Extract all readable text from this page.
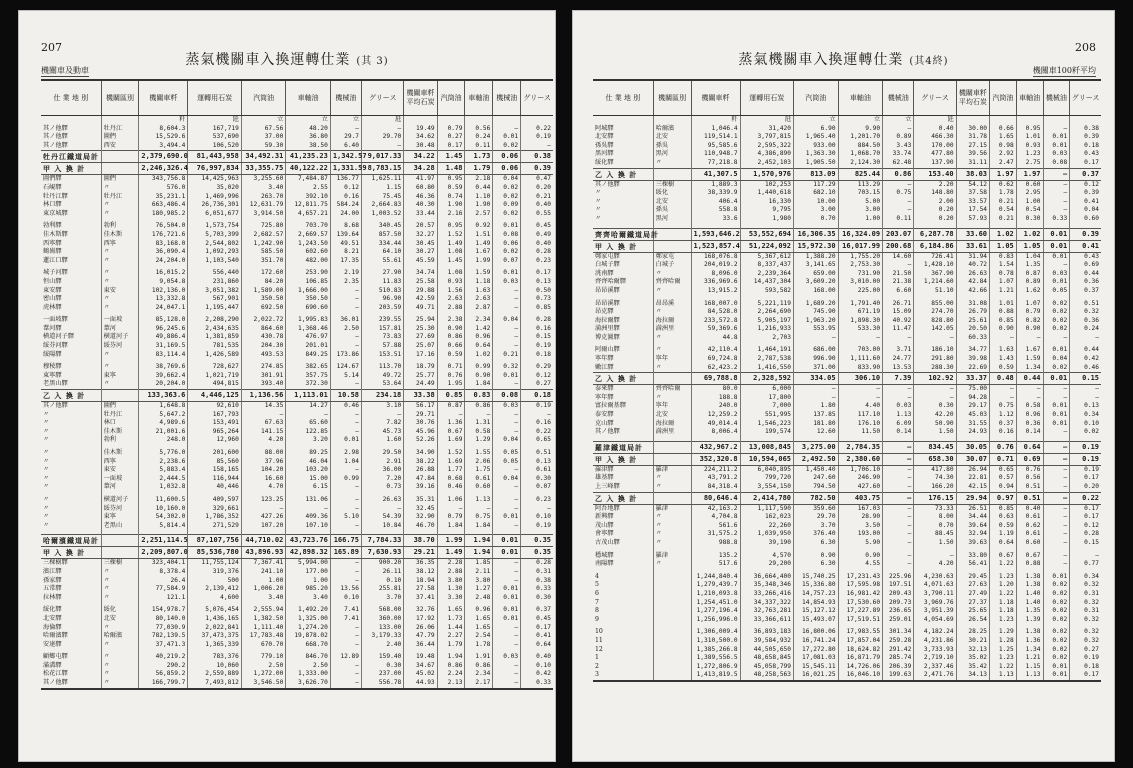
207
蒸氣機關車入換運轉仕業 (其 3)
機關車及動車
仕 業 地 別	機關區別	機關車粁	運轉用石炭	汽筒油	車軸油	機械油	グリース	機關車粁平均石炭	汽筒油	車軸油	機械油	グリース
		粁	瓩	立	立	立	瓩					
其ノ他驛	牡丹江	8,604.3	167,719	67.56	48.20	—	—	19.49	0.79	0.56	—	0.22
其ノ他驛	圖們	15,529.6	537,690	37.00	36.80	29.7	29.70	34.62	0.27	0.24	0.01	0.19
其ノ他驛	西安	3,494.4	106,520	59.30	38.50	6.40	—	30.48	0.17	0.11	0.02	—
牡丹江鐵道局計		2,379,690.0	81,443,958	34,492.31	41,235.23	1,342.57	9,017.33	34.22	1.45	1.73	0.06	0.38
甲 入 換 計		2,246,326.4	76,997,834	33,355.75	40,122.22	1,331.59	8,783.15	34.28	1.48	1.79	0.06	0.39
圖們驛	圖們	343,756.8	14,425,963	3,255.60	7,484.87	136.77	1,625.11	41.97	0.95	2.18	0.04	0.47
石峴驛	〃	576.0	35,020	3.40	2.55	0.12	1.15	60.80	0.59	0.44	0.02	0.20
牡丹江驛	牡丹江	35,231.1	1,469,996	263.70	392.10	0.16	75.45	46.36	0.74	1.10	0.02	0.21
林口驛	〃	663,486.4	26,736,301	12,631.79	12,811.75	584.24	2,664.83	40.30	1.90	1.90	0.09	0.40
東京城驛	〃	180,985.2	6,051,677	3,914.50	4,657.21	24.00	1,003.52	33.44	2.16	2.57	0.02	0.55

勃利驛	勃利	76,504.0	1,573,754	725.80	703.70	8.68	340.45	20.57	0.95	0.92	0.01	0.45
佳木斯驛	佳木斯	176,721.6	5,703,399	2,682.57	2,669.57	139.64	857.50	32.27	1.52	1.51	0.08	0.49
西寧驛	西寧	83,168.0	2,544,802	1,242.90	1,243.50	49.51	334.44	30.45	1.49	1.49	0.06	0.40
鶴崗驛	〃	36,090.4	1,092,293	585.50	602.60	8.21	64.10	30.27	1.08	1.67	0.02	0.28
蓮江口驛	〃	24,204.0	1,103,540	351.70	482.00	17.35	55.61	45.59	1.45	1.99	0.07	0.23

城子河驛	〃	16,015.2	556,440	172.60	253.90	2.19	27.90	34.74	1.08	1.59	0.01	0.17
恒山驛	〃	9,054.8	231,860	84.20	106.85	2.35	11.83	25.58	0.93	1.18	0.03	0.13
東安驛	東安	102,136.0	3,051,382	1,589.00	1,666.00	—	510.83	29.88	1.56	1.63	—	0.50
密山驛	〃	13,332.8	567,901	350.50	350.50	—	96.90	42.59	2.63	2.63	—	0.73
虎林驛	〃	24,047.1	1,195,447	692.50	690.60	—	203.59	49.71	2.88	2.87	—	0.85

一面坡驛	一面坡	85,128.0	2,208,290	2,022.72	1,995.83	36.01	239.55	25.94	2.38	2.34	0.04	0.28
葦河驛	葦河	96,245.6	2,434,635	864.60	1,368.46	2.50	157.81	25.30	0.90	1.42	—	0.16
横道河子驛	横道河子	49,886.4	1,381,859	430.78	476.97	—	73.83	27.69	0.86	0.96	—	0.15
綏芬河驛	綏芬河	31,169.5	781,535	204.30	201.01	—	57.88	25.07	0.66	0.64	—	0.19
綏陽驛	〃	83,114.4	1,426,589	493.53	849.25	173.86	153.51	17.16	0.59	1.02	0.21	0.18

穆稜驛	〃	38,769.6	728,627	274.85	382.65	124.67	113.70	18.79	0.71	0.99	0.32	0.29
東寧驛	東寧	39,662.4	1,021,719	301.91	357.75	5.14	49.72	25.77	0.76	0.90	0.01	0.12
老黑山驛	〃	20,204.0	494,815	393.40	372.30	—	53.64	24.49	1.95	1.84	—	0.27
乙 入 換 計		133,363.6	4,446,125	1,136.56	1,113.01	10.58	234.18	33.38	0.85	0.83	0.08	0.18
其ノ他驛	圖們	1,648.8	92,610	14.35	14.27	0.46	3.10	56.17	0.87	0.86	0.03	0.19
〃	牡丹江	5,647.2	167,793	—	—	—	—	29.71	—	—	—	—
〃	林口	4,989.6	153,491	67.63	65.60	—	7.82	30.76	1.36	1.31	—	0.16
〃	佳木斯	21,001.6	965,264	141.15	122.85	—	45.73	45.96	0.67	0.58	—	0.22
〃	勃利	248.0	12,960	4.20	3.20	0.01	1.60	52.26	1.69	1.29	0.04	0.65

〃	佳木斯	5,776.0	201,600	88.00	89.25	2.98	29.50	34.90	1.52	1.55	0.05	0.51
〃	西寧	2,238.6	85,560	37.96	46.04	1.04	2.91	38.22	1.69	2.06	0.05	0.13
〃	東安	5,883.4	158,165	104.20	103.20	—	36.00	26.88	1.77	1.75	—	0.61
〃	一面坡	2,444.5	116,944	16.60	15.00	0.99	7.20	47.84	0.68	0.61	0.04	0.30
〃	葦河	1,032.8	40,446	4.70	6.15	—	0.73	39.16	0.46	0.60	—	0.07

〃	横道河子	11,600.5	409,597	123.25	131.06	—	26.63	35.31	1.06	1.13	—	0.23
〃	綏芬河	10,160.0	329,661	—	—	—	—	32.45	—	—	—	—
〃	東寧	54,302.0	1,786,352	427.26	409.36	5.10	54.39	32.90	0.79	0.75	0.01	0.10
〃	老黑山	5,814.4	271,529	107.20	107.10	—	10.84	46.70	1.84	1.84	—	0.19

哈爾濱鐵道局計		2,251,114.5	87,107,756	44,710.02	43,723.76	166.75	7,784.33	38.70	1.99	1.94	0.01	0.35
甲 入 換 計		2,209,807.0	85,536,780	43,896.93	42,898.32	165.89	7,630.93	29.21	1.49	1.94	0.01	0.35
三棵樹驛	三棵樹	323,404.1	11,755,124	7,367.41	5,994.00	—	900.20	36.35	2.28	1.85	—	0.28
濱江驛	〃	8,378.4	319,376	241.10	177.00	—	26.11	38.12	2.88	2.11	—	0.31
孫家驛	〃	26.4	500	1.00	1.00	—	0.10	18.94	3.80	3.80	—	0.38
五常驛	〃	77,584.9	2,139,412	1,006.20	985.20	13.56	255.81	27.58	1.30	1.27	0.01	0.33
拉林驛	〃	121.1	4,600	3.40	3.40	0.10	3.70	37.41	3.30	2.48	0.01	0.30

綏化驛	綏化	154,978.7	5,076,454	2,555.94	1,492.20	7.41	568.00	32.76	1.65	0.96	0.01	0.37
北安驛	北安	80,140.0	1,436,165	1,382.50	1,325.00	7.41	360.00	17.92	1.73	1.65	0.01	0.45
海倫驛	〃	77,030.9	2,022,841	1,111.40	1,274.20	—	133.00	26.06	1.44	1.65	—	0.17
哈爾濱驛	哈爾濱	782,139.5	37,473,375	17,783.48	19,878.02	—	3,179.33	47.79	2.27	2.54	—	0.41
安達驛	〃	37,471.3	1,365,339	670.70	668.70	—	2.40	36.44	1.79	1.78	—	0.64

顧鄉屯驛	〃	40,219.2	783,376	779.10	846.70	12.89	159.40	19.48	1.94	1.91	0.03	0.40
滿溝驛	〃	290.2	10,060	2.50	2.50	—	0.30	34.67	0.86	0.86	—	0.10
松花江驛	〃	56,859.2	2,559,889	1,272.00	1,333.00	—	237.00	45.02	2.24	2.34	—	0.42
其ノ他驛	〃	166,799.7	7,493,812	3,546.50	3,626.70	—	556.78	44.93	2.13	2.17	—	0.33
208
蒸氣機關車入換運轉仕業 (其4終)
機關車100粁平均
仕 業 地 別	機關區別	機關車粁	運轉用石炭	汽筒油	車軸油	機械油	グリース	機關車粁平均石炭	汽筒油	車軸油	機械油	グリース
		粁	瓩	立	立	立	瓩					
阿城驛	哈爾濱	1,046.4	31,420	6.90	9.90	—	0.40	30.00	0.66	0.95	—	0.38
北安驛	北安	119,514.1	3,797,815	1,965.40	1,201.70	0.89	466.30	31.78	1.65	1.01	0.01	0.39
孫吳驛	孫吳	95,585.6	2,595,322	933.00	884.50	3.43	170.00	27.15	0.98	0.93	0.01	0.18
黑河驛	黑河	110,948.7	4,386,890	1,363.30	1,068.70	33.74	477.80	39.56	2.92	1.23	0.03	0.43
綏化驛	〃	77,218.8	2,452,103	1,905.50	2,124.30	62.48	137.90	31.11	2.47	2.75	0.08	0.17
乙 入 換 計		41,307.5	1,570,976	813.09	825.44	0.86	153.40	38.03	1.97	1.97	—	0.37
其ノ他驛	三棵樹	1,889.3	102,253	117.29	113.29	—	2.20	54.12	0.62	0.60	—	0.12
〃	綏化	38,339.9	1,440,618	682.10	703.15	0.75	148.80	37.58	1.78	2.95	—	0.39
〃	北安	406.4	16,330	10.00	5.00	—	2.00	33.57	0.21	1.00	—	0.41
〃	孫吳	558.8	9,795	3.00	3.00	—	0.20	17.54	0.54	0.54	—	0.04
〃	黑河	33.6	1,980	0.70	1.00	0.11	0.20	57.93	0.21	0.30	0.33	0.60

齊齊哈爾鐵道局計		1,593,646.2	53,552,694	16,306.35	16,324.09	203.07	6,287.78	33.60	1.02	1.02	0.01	0.39
甲 入 換 計		1,523,857.4	51,224,092	15,972.30	16,017.99	200.68	6,184.86	33.61	1.05	1.05	0.01	0.41
鄭家屯驛	鄭家屯	168,076.8	5,367,612	1,388.20	1,755.20	14.60	726.41	31.94	0.83	1.04	0.01	0.43
白城子驛	白城子	204,019.2	8,337,437	3,141.65	2,753.30	—	1,428.10	40.72	1.54	1.35	—	0.69
洮南驛	〃	8,096.0	2,239,364	659.00	731.90	21.50	367.90	26.63	0.78	0.87	0.03	0.44
齊齊哈爾驛	齊齊哈爾	336,969.6	14,437,304	3,609.20	3,010.00	21.38	1,214.60	42.84	1.07	0.89	0.01	0.36
昂昂溪驛	〃	13,915.2	593,582	168.00	225.00	6.60	51.10	42.66	1.21	1.62	0.05	0.37

昂昂溪驛	昂昂溪	168,007.0	5,221,119	1,689.20	1,791.40	26.71	855.00	31.08	1.01	1.07	0.02	0.51
昂克驛	〃	84,528.0	2,264,690	745.90	671.19	15.09	274.70	26.79	0.88	0.79	0.02	0.32
海拉爾驛	海拉爾	233,572.8	5,905,197	1,963.20	1,898.30	40.92	828.80	25.61	0.85	0.82	0.02	0.36
満洲里驛	満洲里	59,369.6	1,216,933	553.95	533.30	11.47	142.05	20.50	0.90	0.90	0.02	0.24
博克圖驛	〃	44.8	2,703	—	—	—	—	60.33	—	—	—	—

阿爾山驛	〃	42,110.4	1,464,191	686.00	703.00	3.71	186.10	34.77	1.63	1.67	0.01	0.44
寧年驛	寧年	69,724.8	2,787,538	996.90	1,111.60	24.77	291.80	39.98	1.43	1.59	0.04	0.42
嫩江驛	〃	62,423.2	1,416,550	371.00	833.90	13.53	288.30	22.69	0.59	1.34	0.02	0.46
乙 入 換 計		69,788.8	2,328,592	334.05	306.10	7.39	102.92	33.37	0.48	0.44	0.01	0.15
泰來驛	齊齊哈爾	80.0	6,000	—	—	—	—	75.00	—	—	—	—
寧年驛	〃	188.8	17,800	—	—	—	—	94.28	—	—	—	—
富拉爾基驛	寧年	240.0	7,000	1.80	4.40	0.03	0.30	29.17	0.75	0.58	0.01	0.13
泰安驛	北安	12,259.2	551,995	137.85	117.10	1.13	42.20	45.03	1.12	0.96	0.01	0.34
克山驛	海拉爾	49,014.4	1,546,223	181.80	176.10	6.09	50.90	31.55	0.37	0.36	0.01	0.10
其ノ他驛	満洲里	8,006.4	199,574	12.60	11.50	0.14	1.50	24.93	0.16	0.14	—	0.02

羅津鐵道局計		432,967.2	13,008,845	3,275.00	2,784.35	—	834.45	30.05	0.76	0.64	—	0.19
甲 入 換 計		352,320.8	10,594,065	2,492.50	2,380.60	—	658.30	30.07	0.71	0.69	—	0.19
羅津驛	羅津	224,211.2	6,040,895	1,450.40	1,706.10	—	417.80	26.94	0.65	0.76	—	0.19
雄基驛	〃	43,791.2	799,720	247.60	246.90	—	74.30	22.81	0.57	0.56	—	0.17
上三峰驛	〃	84,318.4	3,554,150	794.50	427.60	—	166.20	42.15	0.94	0.51	—	0.20
乙 入 換 計		80,646.4	2,414,780	782.50	403.75	—	176.15	29.94	0.97	0.51	—	0.22
阿吾地驛	羅津	42,163.2	1,117,590	359.60	167.03	—	73.33	26.51	0.85	0.40	—	0.17
新興驛	〃	4,704.8	162,023	29.70	28.90	—	8.00	34.44	0.63	0.61	—	0.17
茂山驛	〃	561.6	22,260	3.70	3.50	—	0.70	39.64	0.59	0.62	—	0.12
會寧驛	〃	31,575.2	1,039,950	376.40	193.00	—	88.45	32.94	1.19	0.61	—	0.28
古茂山驛	〃	988.8	39,190	6.30	5.90	—	1.50	39.63	0.64	0.60	—	0.15

穩城驛	羅津	135.2	4,570	0.90	0.90	—	—	33.80	0.67	0.67	—	—
南陽驛	〃	517.6	29,200	6.30	4.55	—	4.20	56.41	1.22	0.88	—	0.77

4		1,244,840.4	36,664,400	15,740.25	17,231.43	225.96	4,230.63	29.45	1.23	1.38	0.01	0.34
5		1,279,439.7	35,348,346	15,336.80	17,595.98	197.51	4,071.63	27.63	1.20	1.38	0.02	0.32
6		1,210,093.8	33,266,416	14,757.23	16,981.42	209.43	3,790.11	27.49	1.22	1.40	0.02	0.31
7		1,254,451.0	34,337,322	14,854.93	17,530.60	209.73	3,969.76	27.37	1.18	1.40	0.02	0.32
8		1,277,196.4	32,763,281	15,127.12	17,227.89	236.65	3,951.39	25.65	1.18	1.35	0.02	0.31
9		1,256,996.0	33,366,611	15,493.07	17,519.51	259.01	4,054.69	26.54	1.23	1.39	0.02	0.32

10		1,306,009.4	36,893,183	16,800.06	17,983.55	301.34	4,182.24	28.25	1.29	1.38	0.02	0.32
11		1,310,500.0	39,584,932	16,741.24	17,857.04	259.28	4,231.86	30.21	1.28	1.36	0.02	0.32
12		1,385,266.8	44,505,650	17,272.80	18,624.82	291.42	3,733.93	32.13	1.25	1.34	0.02	0.27
1		1,389,556.5	48,658,845	17,081.03	16,871.79	285.74	2,719.10	35.02	1.23	1.21	0.02	0.19
2		1,272,806.9	45,058,799	15,545.11	14,726.06	206.39	2,337.46	35.42	1.22	1.15	0.01	0.18
3		1,413,819.5	48,258,563	16,021.25	16,046.10	199.63	2,471.76	34.13	1.13	1.13	0.01	0.17
